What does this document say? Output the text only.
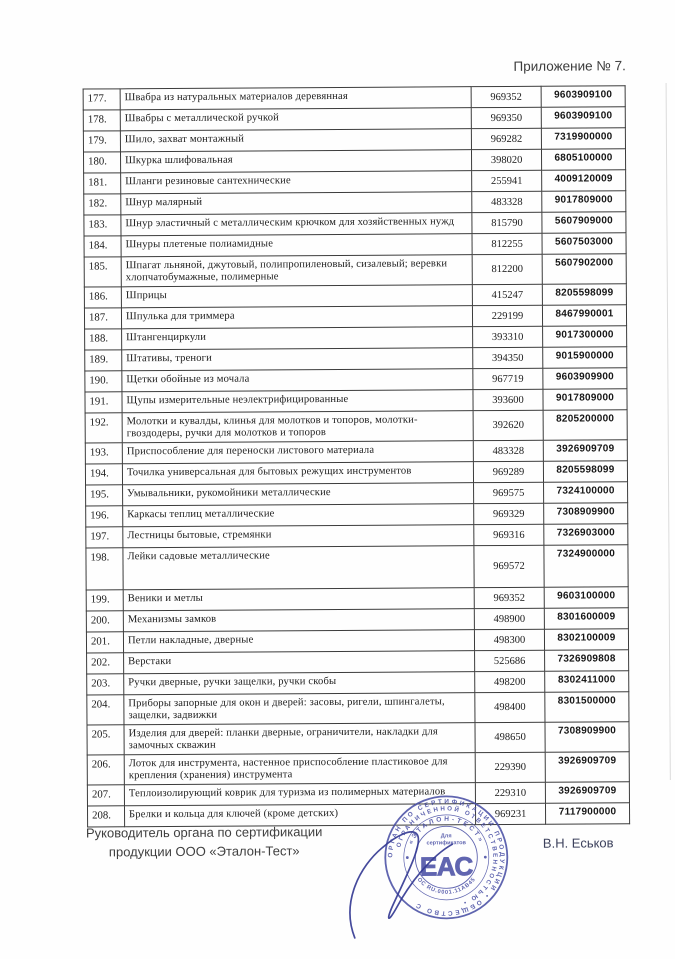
Приложение № 7.
177.	Швабра из натуральных материалов деревянная	969352	9603909100
178.	Швабры с металлической ручкой	969350	9603909100
179.	Шило, захват монтажный	969282	7319900000
180.	Шкурка шлифовальная	398020	6805100000
181.	Шланги резиновые сантехнические	255941	4009120009
182.	Шнур малярный	483328	9017809000
183.	Шнур эластичный с металлическим крючком для хозяйственных нужд	815790	5607909000
184.	Шнуры плетеные полиамидные	812255	5607503000
185.	Шпагат льняной, джутовый, полипропиленовый, сизалевый; веревки хлопчатобумажные, полимерные	812200	5607902000
186.	Шприцы	415247	8205598099
187.	Шпулька для триммера	229199	8467990001
188.	Штангенциркули	393310	9017300000
189.	Штативы, треноги	394350	9015900000
190.	Щетки обойные из мочала	967719	9603909900
191.	Щупы измерительные неэлектрифицированные	393600	9017809000
192.	Молотки и кувалды, клинья для молотков и топоров, молотки-гвоздодеры, ручки для молотков и топоров	392620	8205200000
193.	Приспособление для переноски листового материала	483328	3926909709
194.	Точилка универсальная для бытовых режущих инструментов	969289	8205598099
195.	Умывальники, рукомойники металлические	969575	7324100000
196.	Каркасы теплиц металлические	969329	7308909900
197.	Лестницы бытовые, стремянки	969316	7326903000
198.	Лейки садовые металлические	969572	7324900000
199.	Веники и метлы	969352	9603100000
200.	Механизмы замков	498900	8301600009
201.	Петли накладные, дверные	498300	8302100009
202.	Верстаки	525686	7326909808
203.	Ручки дверные, ручки защелки, ручки скобы	498200	8302411000
204.	Приборы запорные для окон и дверей: засовы, ригели, шпингалеты, защелки, задвижки	498400	8301500000
205.	Изделия для дверей: планки дверные, ограничители, накладки для замочных скважин	498650	7308909900
206.	Лоток для инструмента, настенное приспособление пластиковое для крепления (хранения) инструмента	229390	3926909709
207.	Теплоизолирующий коврик для туризма из полимерных материалов	229310	3926909709
208.	Брелки и кольца для ключей (кроме детских)	969231	7117900000
Руководитель органа по сертификации
продукции ООО «Эталон-Тест»
В.Н. Еськов
ОРГАН ПО СЕРТИФИКАЦИИ ПРОДУКЦИИ • ОБЩЕСТВО С
ОГРАНИЧЕННОЙ ОТВЕТСТВЕННОСТЬЮ •
«ЭТАЛОН-ТЕСТ»
ОС RU.0001.11АВ45
Для
сертификатов
ЕАС
